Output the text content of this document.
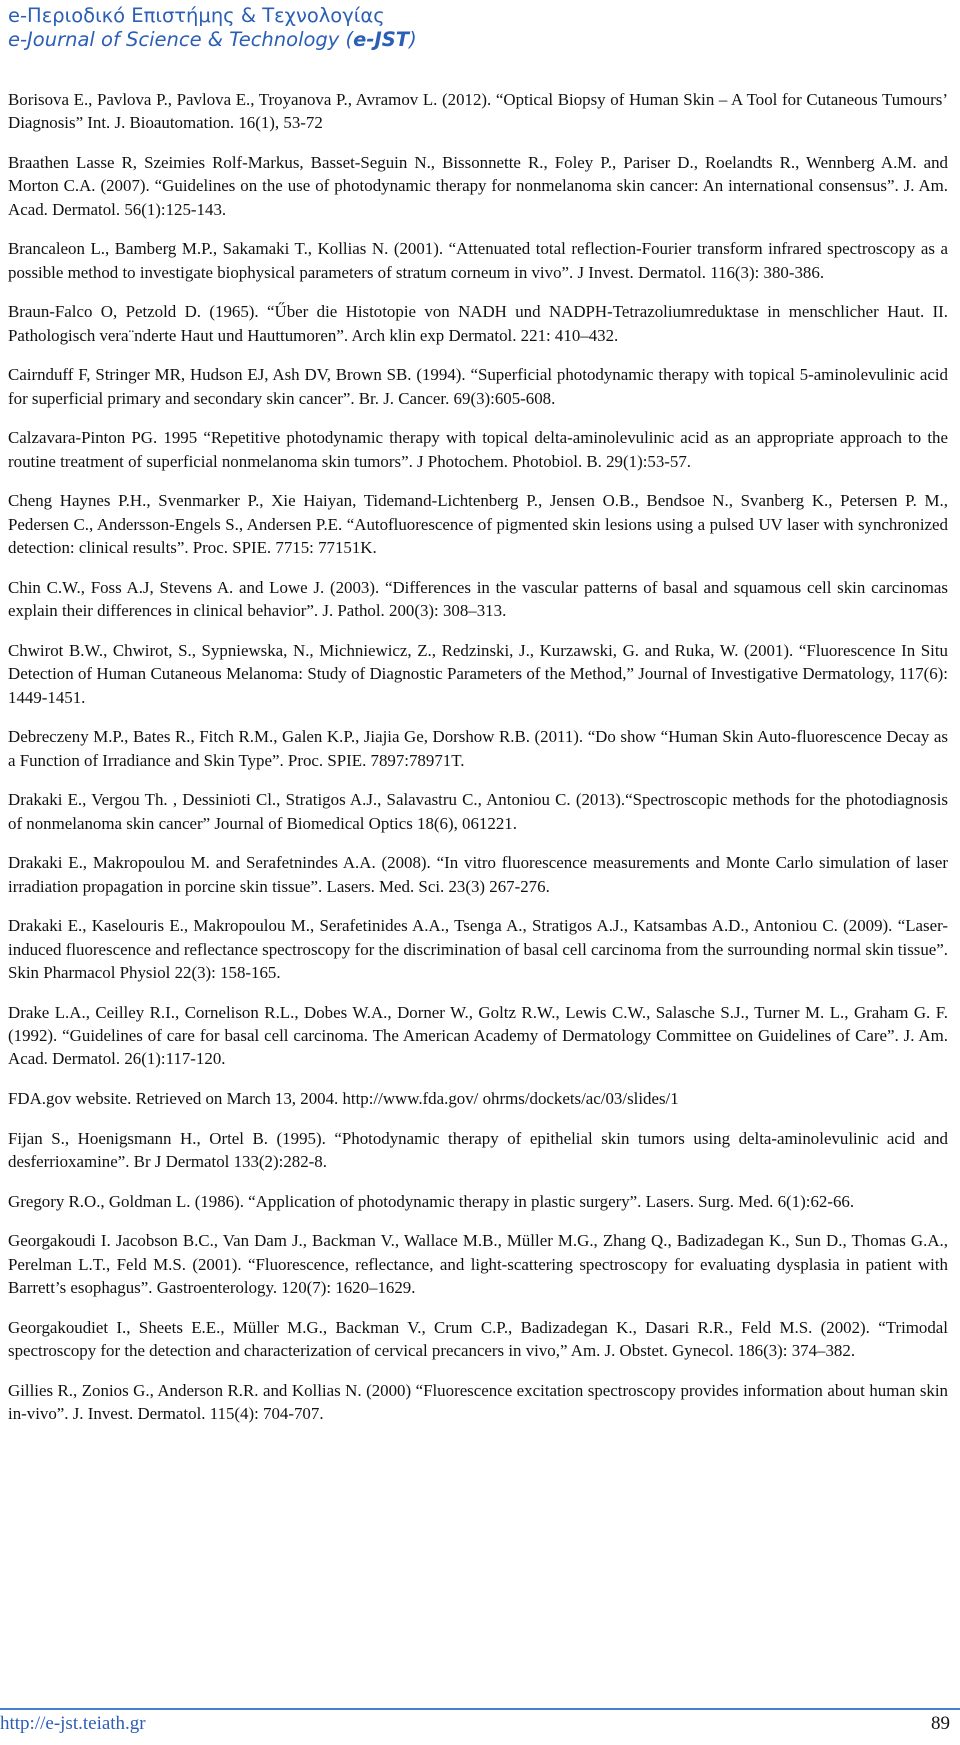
e-Περιοδικό Επιστήμης & Τεχνολογίας
e-Journal of Science & Technology (e-JST)

Borisova E., Pavlova P., Pavlova E., Troyanova P., Avramov L. (2012). “Optical Biopsy of Human Skin – A Tool for Cutaneous Tumours’ Diagnosis” Int. J. Bioautomation. 16(1), 53-72

Braathen Lasse R, Szeimies Rolf-Markus, Basset-Seguin N., Bissonnette R., Foley P., Pariser D., Roelandts R., Wennberg A.M. and Morton C.A. (2007). “Guidelines on the use of photodynamic therapy for nonmelanoma skin cancer: An international consensus”. J. Am. Acad. Dermatol. 56(1):125-143.

Brancaleon L., Bamberg M.P., Sakamaki T., Kollias N. (2001). “Attenuated total reflection-Fourier transform infrared spectroscopy as a possible method to investigate biophysical parameters of stratum corneum in vivo”. J Invest. Dermatol. 116(3): 380-386.

Braun-Falco O, Petzold D. (1965). “Űber die Histotopie von NADH und NADPH-Tetrazoliumreduktase in menschlicher Haut. II. Pathologisch vera¨nderte Haut und Hauttumoren”. Arch klin exp Dermatol. 221: 410–432.

Cairnduff F, Stringer MR, Hudson EJ, Ash DV, Brown SB. (1994). “Superficial photodynamic therapy with topical 5-aminolevulinic acid for superficial primary and secondary skin cancer”. Br. J. Cancer. 69(3):605-608.

Calzavara-Pinton PG. 1995 “Repetitive photodynamic therapy with topical delta-aminolevulinic acid as an appropriate approach to the routine treatment of superficial nonmelanoma skin tumors”. J Photochem. Photobiol. B. 29(1):53-57.

Cheng Haynes P.H., Svenmarker P., Xie Haiyan, Tidemand-Lichtenberg P., Jensen O.B., Bendsoe N., Svanberg K., Petersen P. M., Pedersen C., Andersson-Engels S., Andersen P.E. “Autofluorescence of pigmented skin lesions using a pulsed UV laser with synchronized detection: clinical results”. Proc. SPIE. 7715: 77151K.

Chin C.W., Foss A.J, Stevens A. and Lowe J. (2003). “Differences in the vascular patterns of basal and squamous cell skin carcinomas explain their differences in clinical behavior”. J. Pathol. 200(3): 308–313.

Chwirot B.W., Chwirot, S., Sypniewska, N., Michniewicz, Z., Redzinski, J., Kurzawski, G. and Ruka, W. (2001). “Fluorescence In Situ Detection of Human Cutaneous Melanoma: Study of Diagnostic Parameters of the Method,” Journal of Investigative Dermatology, 117(6): 1449-1451.

Debreczeny M.P., Bates R., Fitch R.M., Galen K.P., Jiajia Ge, Dorshow R.B. (2011). “Do show “Human Skin Auto-fluorescence Decay as a Function of Irradiance and Skin Type”. Proc. SPIE. 7897:78971T.

Drakaki E., Vergou Th. , Dessinioti Cl., Stratigos A.J., Salavastru C., Antoniou C. (2013).“Spectroscopic methods for the photodiagnosis of nonmelanoma skin cancer” Journal of Biomedical Optics 18(6), 061221.

Drakaki E., Makropoulou M. and Serafetnindes A.A. (2008). “In vitro fluorescence measurements and Monte Carlo simulation of laser irradiation propagation in porcine skin tissue”. Lasers. Med. Sci. 23(3) 267-276.

Drakaki E., Kaselouris E., Makropoulou M., Serafetinides A.A., Tsenga A., Stratigos A.J., Katsambas A.D., Antoniou C. (2009). “Laser-induced fluorescence and reflectance spectroscopy for the discrimination of basal cell carcinoma from the surrounding normal skin tissue”. Skin Pharmacol Physiol 22(3): 158-165.

Drake L.A., Ceilley R.I., Cornelison R.L., Dobes W.A., Dorner W., Goltz R.W., Lewis C.W., Salasche S.J., Turner M. L., Graham G. F. (1992). “Guidelines of care for basal cell carcinoma. The American Academy of Dermatology Committee on Guidelines of Care”. J. Am. Acad. Dermatol. 26(1):117-120.

FDA.gov website. Retrieved on March 13, 2004. http://www.fda.gov/ ohrms/dockets/ac/03/slides/1

Fijan S., Hoenigsmann H., Ortel B. (1995). “Photodynamic therapy of epithelial skin tumors using delta-aminolevulinic acid and desferrioxamine”. Br J Dermatol 133(2):282-8.

Gregory R.O., Goldman L. (1986). “Application of photodynamic therapy in plastic surgery”. Lasers. Surg. Med. 6(1):62-66.

Georgakoudi I. Jacobson B.C., Van Dam J., Backman V., Wallace M.B., Müller M.G., Zhang Q., Badizadegan K., Sun D., Thomas G.A., Perelman L.T., Feld M.S. (2001). “Fluorescence, reflectance, and light-scattering spectroscopy for evaluating dysplasia in patient with Barrett’s esophagus”. Gastroenterology. 120(7): 1620–1629.

Georgakoudiet I., Sheets E.E., Müller M.G., Backman V., Crum C.P., Badizadegan K., Dasari R.R., Feld M.S. (2002). “Trimodal spectroscopy for the detection and characterization of cervical precancers in vivo,” Am. J. Obstet. Gynecol. 186(3): 374–382.

Gillies R., Zonios G., Anderson R.R. and Kollias N. (2000) “Fluorescence excitation spectroscopy provides information about human skin in-vivo”. J. Invest. Dermatol. 115(4): 704-707.

http://e-jst.teiath.gr	89
